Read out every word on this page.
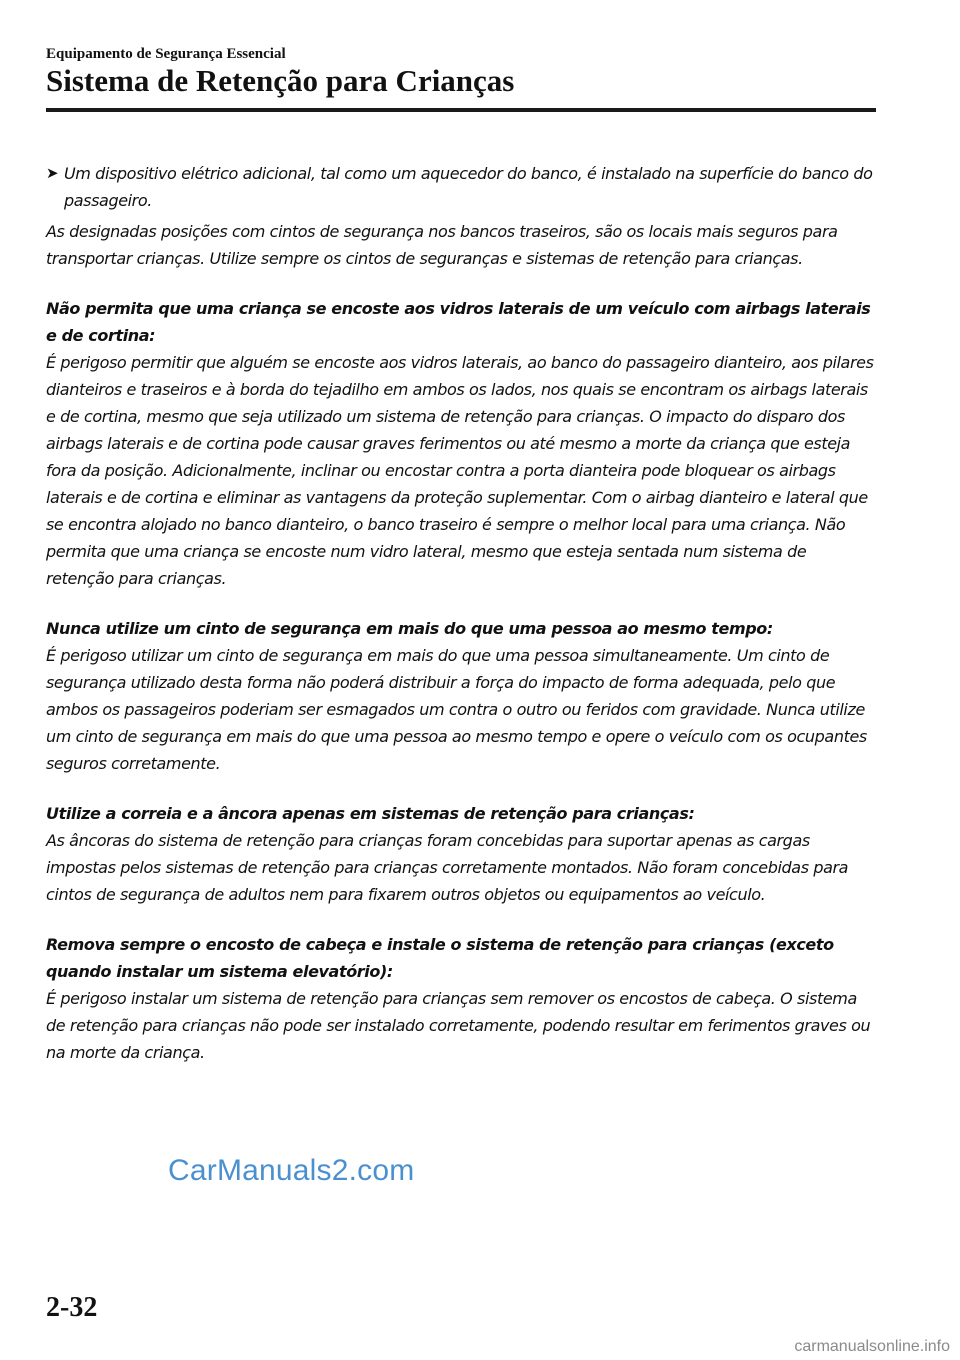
Equipamento de Segurança Essencial
Sistema de Retenção para Crianças
➤ Um dispositivo elétrico adicional, tal como um aquecedor do banco, é instalado na superfície do banco do passageiro.

As designadas posições com cintos de segurança nos bancos traseiros, são os locais mais seguros para transportar crianças. Utilize sempre os cintos de seguranças e sistemas de retenção para crianças.

Não permita que uma criança se encoste aos vidros laterais de um veículo com airbags laterais e de cortina:

É perigoso permitir que alguém se encoste aos vidros laterais, ao banco do passageiro dianteiro, aos pilares dianteiros e traseiros e à borda do tejadilho em ambos os lados, nos quais se encontram os airbags laterais e de cortina, mesmo que seja utilizado um sistema de retenção para crianças. O impacto do disparo dos airbags laterais e de cortina pode causar graves ferimentos ou até mesmo a morte da criança que esteja fora da posição. Adicionalmente, inclinar ou encostar contra a porta dianteira pode bloquear os airbags laterais e de cortina e eliminar as vantagens da proteção suplementar. Com o airbag dianteiro e lateral que se encontra alojado no banco dianteiro, o banco traseiro é sempre o melhor local para uma criança. Não permita que uma criança se encoste num vidro lateral, mesmo que esteja sentada num sistema de retenção para crianças.

Nunca utilize um cinto de segurança em mais do que uma pessoa ao mesmo tempo:

É perigoso utilizar um cinto de segurança em mais do que uma pessoa simultaneamente. Um cinto de segurança utilizado desta forma não poderá distribuir a força do impacto de forma adequada, pelo que ambos os passageiros poderiam ser esmagados um contra o outro ou feridos com gravidade. Nunca utilize um cinto de segurança em mais do que uma pessoa ao mesmo tempo e opere o veículo com os ocupantes seguros corretamente.

Utilize a correia e a âncora apenas em sistemas de retenção para crianças:

As âncoras do sistema de retenção para crianças foram concebidas para suportar apenas as cargas impostas pelos sistemas de retenção para crianças corretamente montados. Não foram concebidas para cintos de segurança de adultos nem para fixarem outros objetos ou equipamentos ao veículo.

Remova sempre o encosto de cabeça e instale o sistema de retenção para crianças (exceto quando instalar um sistema elevatório):

É perigoso instalar um sistema de retenção para crianças sem remover os encostos de cabeça. O sistema de retenção para crianças não pode ser instalado corretamente, podendo resultar em ferimentos graves ou na morte da criança.

CarManuals2.com
2-32
carmanualsonline.info
